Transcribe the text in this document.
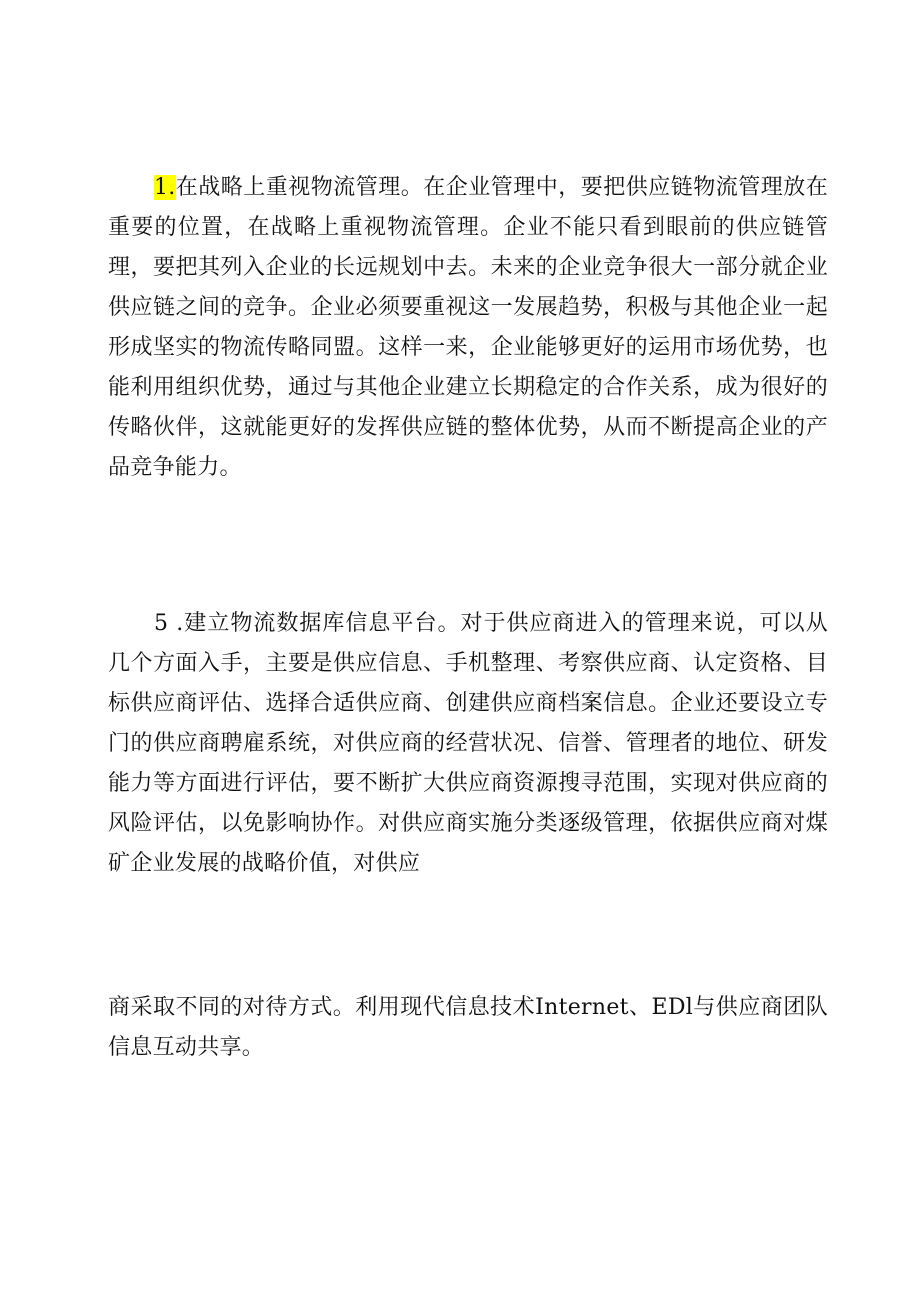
1.在战略上重视物流管理。在企业管理中，要把供应链物流管理放在重要的位置，在战略上重视物流管理。企业不能只看到眼前的供应链管理，要把其列入企业的长远规划中去。未来的企业竞争很大一部分就企业供应链之间的竞争。企业必须要重视这一发展趋势，积极与其他企业一起形成坚实的物流传略同盟。这样一来，企业能够更好的运用市场优势，也能利用组织优势，通过与其他企业建立长期稳定的合作关系，成为很好的传略伙伴，这就能更好的发挥供应链的整体优势，从而不断提高企业的产品竞争能力。

5 .建立物流数据库信息平台。对于供应商进入的管理来说，可以从几个方面入手，主要是供应信息、手机整理、考察供应商、认定资格、目标供应商评估、选择合适供应商、创建供应商档案信息。企业还要设立专门的供应商聘雇系统，对供应商的经营状况、信誉、管理者的地位、研发能力等方面进行评估，要不断扩大供应商资源搜寻范围，实现对供应商的风险评估，以免影响协作。对供应商实施分类逐级管理，依据供应商对煤矿企业发展的战略价值，对供应

商采取不同的对待方式。利用现代信息技术Internet、EDl与供应商团队信息互动共享。
